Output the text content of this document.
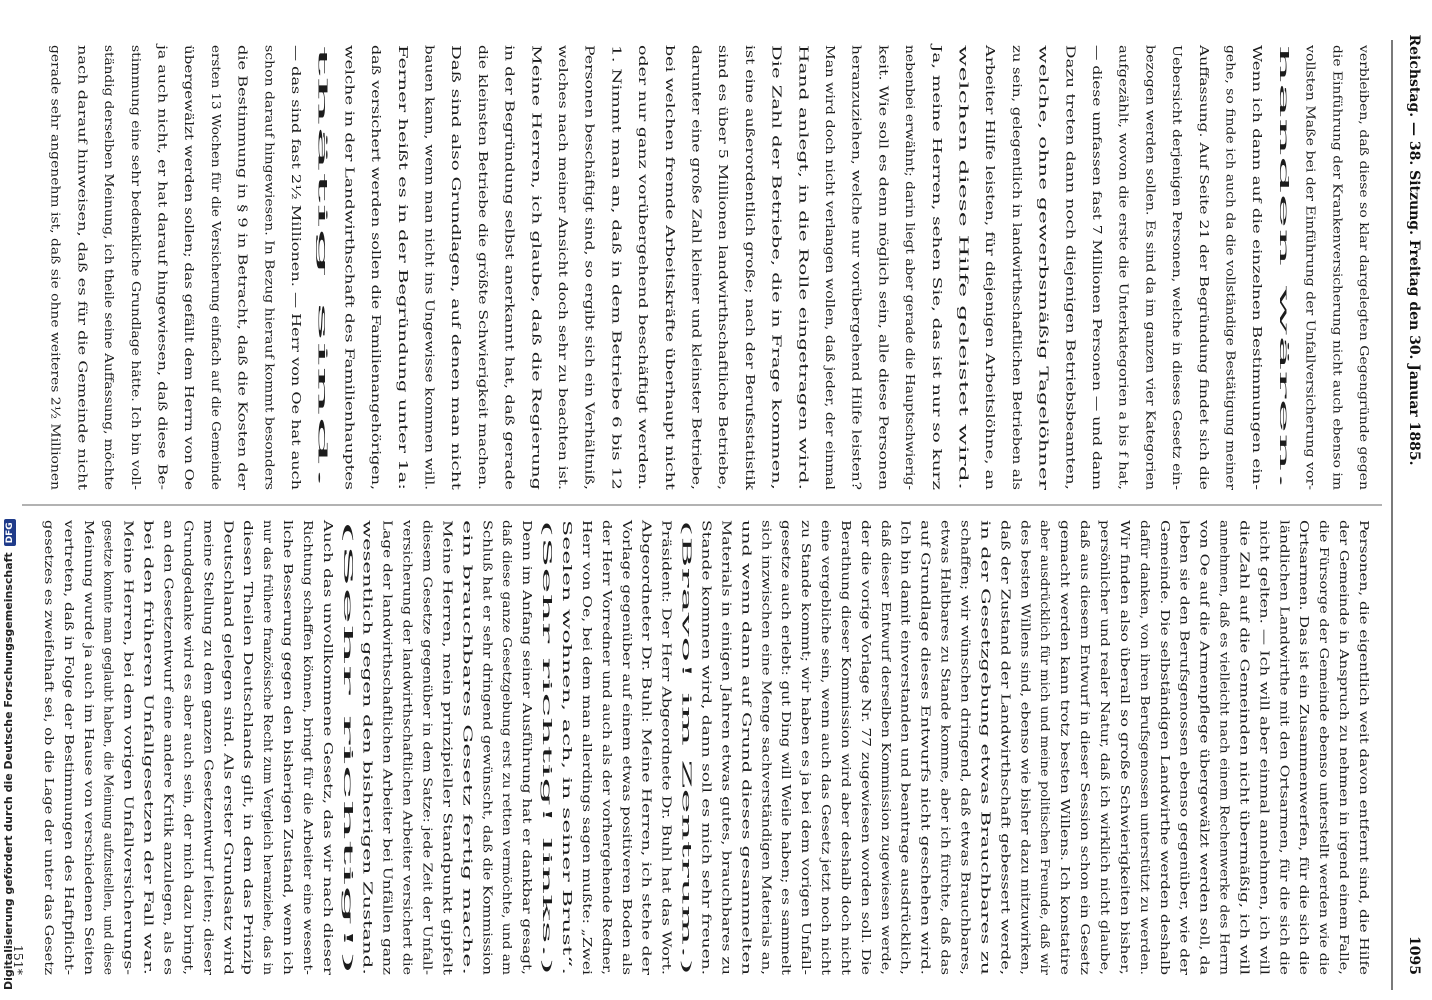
Reichstag. — 38. Sitzung. Freitag den 30. Januar 1885.
1095
verbleiben, daß diese so klar dargelegten Gegengründe gegen
die Einführung der Krankenversicherung nicht auch ebenso im
vollsten Maße bei der Einführung der Unfallversicherung vor-
handen wären.
Wenn ich dann auf die einzelnen Bestimmungen ein-
gehe, so finde ich auch da die vollständige Bestätigung meiner
Auffassung. Auf Seite 21 der Begründung findet sich die
Uebersicht derjenigen Personen, welche in dieses Gesetz ein-
bezogen werden sollen. Es sind da im ganzen vier Kategorien
aufgezählt, wovon die erste die Unterkategorien a bis f hat,
— diese umfassen fast 7 Millionen Personen — und dann
Dazu treten dann noch diejenigen Betriebsbeamten,
welche, ohne gewerbsmäßig Tagelöhner
zu sein, gelegentlich in landwirthschaftlichen Betrieben als
Arbeiter Hilfe leisten, für diejenigen Arbeitslöhne, an
welchen diese Hilfe geleistet wird.
Ja, meine Herren, sehen Sie, das ist nur so kurz
nebenbei erwähnt; darin liegt aber gerade die Hauptschwierig-
keit. Wie soll es denn möglich sein, alle diese Personen
heranzuziehen, welche nur vorübergehend Hilfe leisten?
Man wird doch nicht verlangen wollen, daß jeder, der einmal
Hand anlegt, in die Rolle eingetragen wird.
Die Zahl der Betriebe, die in Frage kommen,
ist eine außerordentlich große; nach der Berufsstatistik
sind es über 5 Millionen landwirthschaftliche Betriebe,
darunter eine große Zahl kleiner und kleinster Betriebe,
bei welchen fremde Arbeitskräfte überhaupt nicht
oder nur ganz vorübergehend beschäftigt werden.
1. Nimmt man an, daß in dem Betriebe 6 bis 12
Personen beschäftigt sind, so ergibt sich ein Verhältniß,
welches nach meiner Ansicht doch sehr zu beachten ist.
Meine Herren, ich glaube, daß die Regierung
in der Begründung selbst anerkannt hat, daß gerade
die kleinsten Betriebe die größte Schwierigkeit machen.
Daß sind also Grundlagen, auf denen man nicht
bauen kann, wenn man nicht ins Ungewisse kommen will.
Ferner heißt es in der Begründung unter 1a:
daß versichert werden sollen die Familienangehörigen,
welche in der Landwirthschaft des Familienhauptes
thätig sind.
— das sind fast 2½ Millionen. — Herr von Oe hat auch
schon darauf hingewiesen. In Bezug hierauf kommt besonders
die Bestimmung in § 9 in Betracht, daß die Kosten der
ersten 13 Wochen für die Versicherung einfach auf die Gemeinde
übergewälzt werden sollen; das gefällt dem Herrn von Oe
ja auch nicht, er hat darauf hingewiesen, daß diese Be-
stimmung eine sehr bedenkliche Grundlage hätte. Ich bin voll-
ständig derselben Meinung, ich theile seine Auffassung, möchte
nach darauf hinweisen, daß es für die Gemeinde nicht
gerade sehr angenehm ist, daß sie ohne weiteres 2½ Millionen
Personen, die eigentlich weit davon entfernt sind, die Hilfe
der Gemeinde in Anspruch zu nehmen in irgend einem Falle,
die Fürsorge der Gemeinde ebenso unterstellt werden wie die
Ortsarmen. Das ist ein Zusammenwerfen, für die sich die
ländlichen Landwirthe mit den Ortsarmen, für die sich die
nicht gelten. — Ich will aber einmal annehmen, ich will
die Zahl auf die Gemeinden nicht übermäßig, ich will
annehmen, daß es vielleicht nach einem Rechenwerke des Herrn
von Oe auf die Armenpflege übergewälzt werden soll, da
leben sie den Berufsgenossen ebenso gegenüber, wie der
Gemeinde. Die selbständigen Landwirthe werden deshalb
dafür danken, von ihren Berufsgenossen unterstützt zu werden.
Wir finden also überall so große Schwierigkeiten bisher,
persönlicher und realer Natur, daß ich wirklich nicht glaube,
daß aus diesem Entwurf in dieser Session schon ein Gesetz
gemacht werden kann trotz besten Willens. Ich konstatire
aber ausdrücklich für mich und meine politischen Freunde, daß wir
des besten Willens sind, ebenso wie bisher dazu mitzuwirken,
daß der Zustand der Landwirthschaft gebessert werde,
in der Gesetzgebung etwas Brauchbares zu
schaffen; wir wünschen dringend, daß etwas Brauchbares,
etwas Haltbares zu Stande komme, aber ich fürchte, daß das
auf Grundlage dieses Entwurfs nicht geschehen wird.
Ich bin damit einverstanden und beantrage ausdrücklich,
daß dieser Entwurf derselben Kommission zugewiesen werde,
der die vorige Vorlage Nr. 77 zugewiesen worden soll. Die
Berathung dieser Kommission wird aber deshalb doch nicht
eine vergebliche sein, wenn auch das Gesetz jetzt noch nicht
zu Stande kommt; wir haben es ja bei dem vorigen Unfall-
gesetze auch erlebt: gut Ding will Weile haben; es sammelt
sich inzwischen eine Menge sachverständigen Materials an,
und wenn dann auf Grund dieses gesammelten
Materials in einigen Jahren etwas gutes, brauchbares zu
Stande kommen wird, dann soll es mich sehr freuen.
(Bravo! im Zentrum.)
Präsident: Der Herr Abgeordnete Dr. Buhl hat das Wort.
Abgeordneter Dr. Buhl: Meine Herren, ich stehe der
Vorlage gegenüber auf einem etwas positiveren Boden als
der Herr Vorredner und auch als der vorhergehende Redner,
Herr von Oe, bei dem man allerdings sagen mußte: „Zwei
Seelen wohnen, ach, in seiner Brust“.
(Sehr richtig! links.)
Denn im Anfang seiner Ausführung hat er dankbar gesagt,
daß diese ganze Gesetzgebung erst zu retten vermöchte, und am
Schluß hat er sehr dringend gewünscht, daß die Kommission
ein brauchbares Gesetz fertig mache.
Meine Herren, mein prinzipieller Standpunkt gipfelt
diesem Gesetze gegenüber in dem Satze: jede Zeit der Unfall-
versicherung der landwirthschaftlichen Arbeiter versichert die
Lage der landwirthschaftlichen Arbeiter bei Unfällen ganz
wesentlich gegen den bisherigen Zustand.
(Sehr richtig!)
Auch das unvollkommene Gesetz, das wir nach dieser
Richtung schaffen können, bringt für die Arbeiter eine wesent-
liche Besserung gegen den bisherigen Zustand, wenn ich
nur das frühere französische Recht zum Vergleich heranziehe, das in
diesen Theilen Deutschlands gilt, in dem das Prinzip
Deutschland gelegen sind. Als erster Grundsatz wird
meine Stellung zu dem ganzen Gesetzentwurf leiten; dieser
Grundgedanke wird es aber auch sein, der mich dazu bringt,
an den Gesetzentwurf eine andere Kritik anzulegen, als es
bei den früheren Unfallgesetzen der Fall war.
Meine Herren, bei dem vorigen Unfallversicherungs-
gesetze konnte man geglaubt haben, die Meinung aufzustellen, und diese
Meinung wurde ja auch im Hause von verschiedenen Seiten
vertreten, daß in Folge der Bestimmungen des Haftpflicht-
gesetzes es zweifelhaft sei, ob die Lage der unter das Gesetz
151*
Digitalisierung gefördert durch die Deutsche ForschungsgemeinschaftDFG
